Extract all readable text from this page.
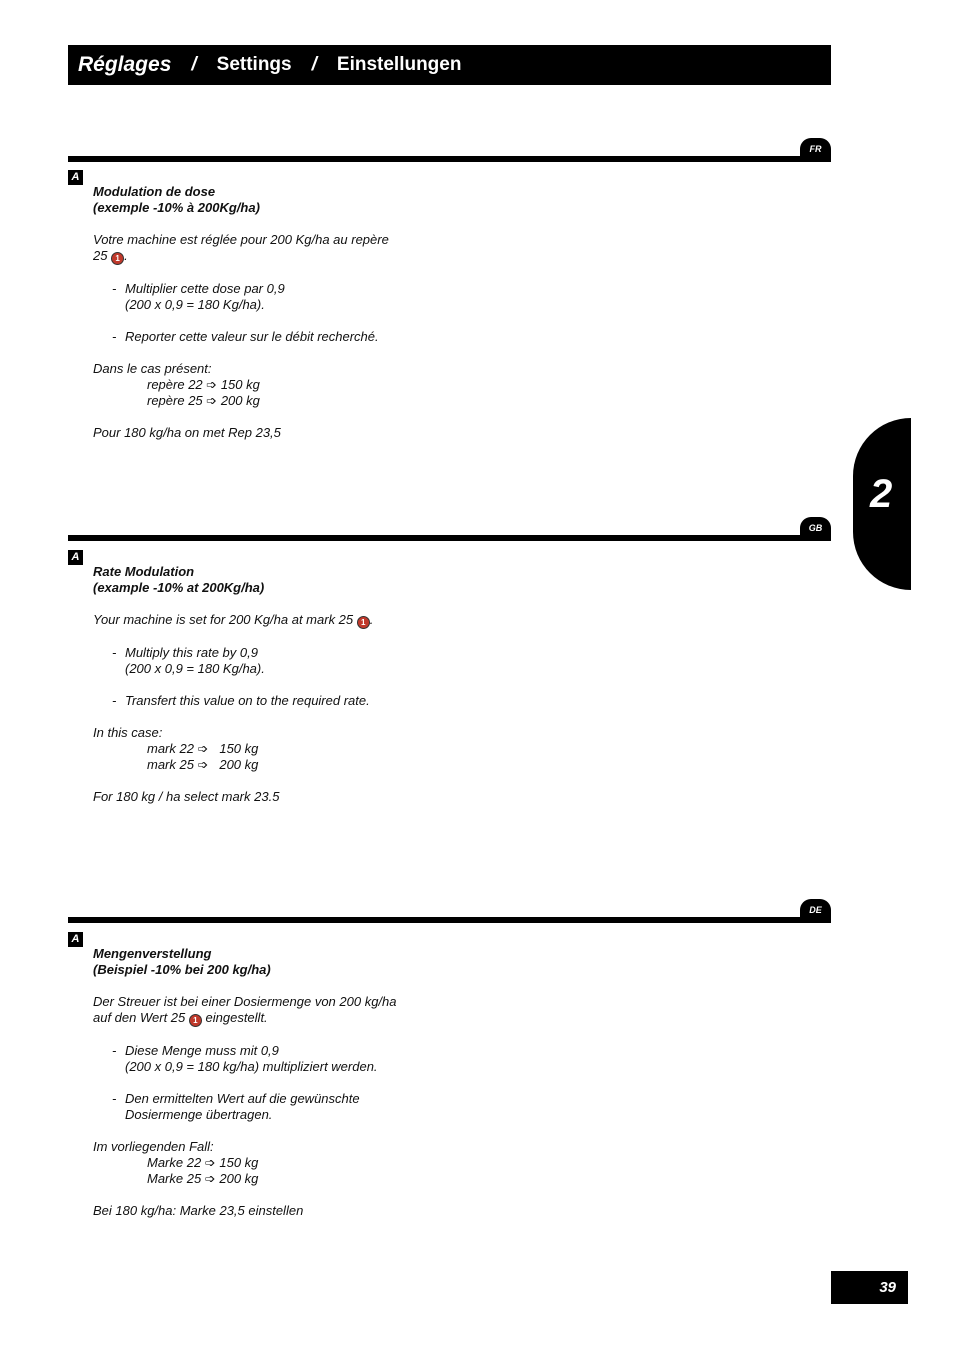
Réglages / Settings / Einstellungen
2
FR
A

Modulation de dose

(exemple -10% à 200Kg/ha)

Votre machine est réglée pour 200 Kg/ha au repère

25 1 .

- Multiplier cette dose par 0,9

(200 x 0,9 = 180 Kg/ha).

- Reporter cette valeur sur le débit recherché.

Dans le cas présent:

repère 22 ➩ 150 kg

repère 25 ➩ 200 kg

Pour 180 kg/ha on met Rep 23,5

GB
A

Rate Modulation

(example -10% at 200Kg/ha)

Your machine is set for 200 Kg/ha at mark 25 1 .

- Multiply this rate by 0,9

(200 x 0,9 = 180 Kg/ha).

- Transfert this value on to the required rate.

In this case:

mark 22 ➩ 150 kg

mark 25 ➩ 200 kg

For 180 kg / ha select mark 23.5

DE
A

Mengenverstellung

(Beispiel -10% bei 200 kg/ha)

Der Streuer ist bei einer Dosiermenge von 200 kg/ha

auf den Wert 25 1 eingestellt.

- Diese Menge muss mit 0,9

(200 x 0,9 = 180 kg/ha) multipliziert werden.

- Den ermittelten Wert auf die gewünschte

Dosiermenge übertragen.

Im vorliegenden Fall:

Marke 22 ➩ 150 kg

Marke 25 ➩ 200 kg

Bei 180 kg/ha: Marke 23,5 einstellen

39
